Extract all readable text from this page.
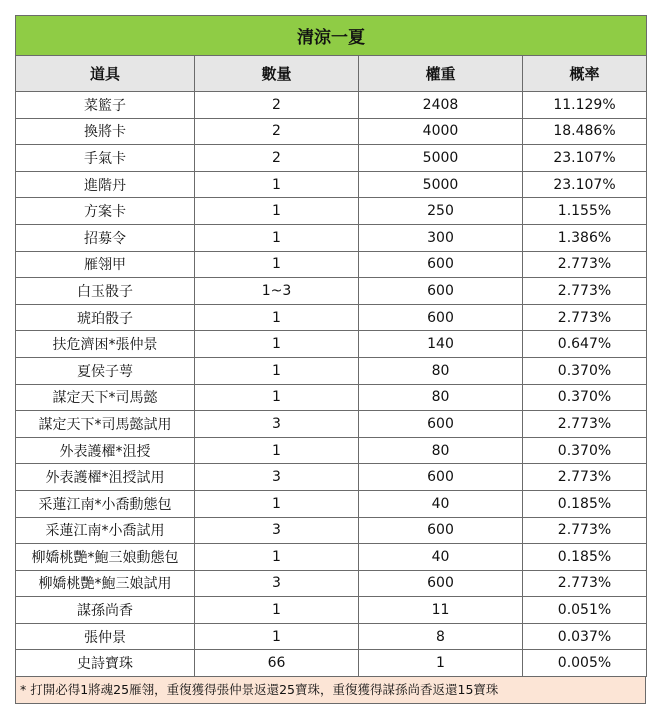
清涼一夏			
道具	數量	權重	概率
菜籃子	2	2408	11.129%
換將卡	2	4000	18.486%
手氣卡	2	5000	23.107%
進階丹	1	5000	23.107%
方案卡	1	250	1.155%
招募令	1	300	1.386%
雁翎甲	1	600	2.773%
白玉骰子	1~3	600	2.773%
琥珀骰子	1	600	2.773%
扶危濟困*張仲景	1	140	0.647%
夏侯子萼	1	80	0.370%
謀定天下*司馬懿	1	80	0.370%
謀定天下*司馬懿試用	3	600	2.773%
外表護櫂*沮授	1	80	0.370%
外表護櫂*沮授試用	3	600	2.773%
采蓮江南*小喬動態包	1	40	0.185%
采蓮江南*小喬試用	3	600	2.773%
柳嬌桃艷*鮑三娘動態包	1	40	0.185%
柳嬌桃艷*鮑三娘試用	3	600	2.773%
謀孫尚香	1	11	0.051%
張仲景	1	8	0.037%
史詩寶珠	66	1	0.005%
* 打開必得1將魂25雁翎，重復獲得張仲景返還25寶珠，重復獲得謀孫尚香返還15寶珠
